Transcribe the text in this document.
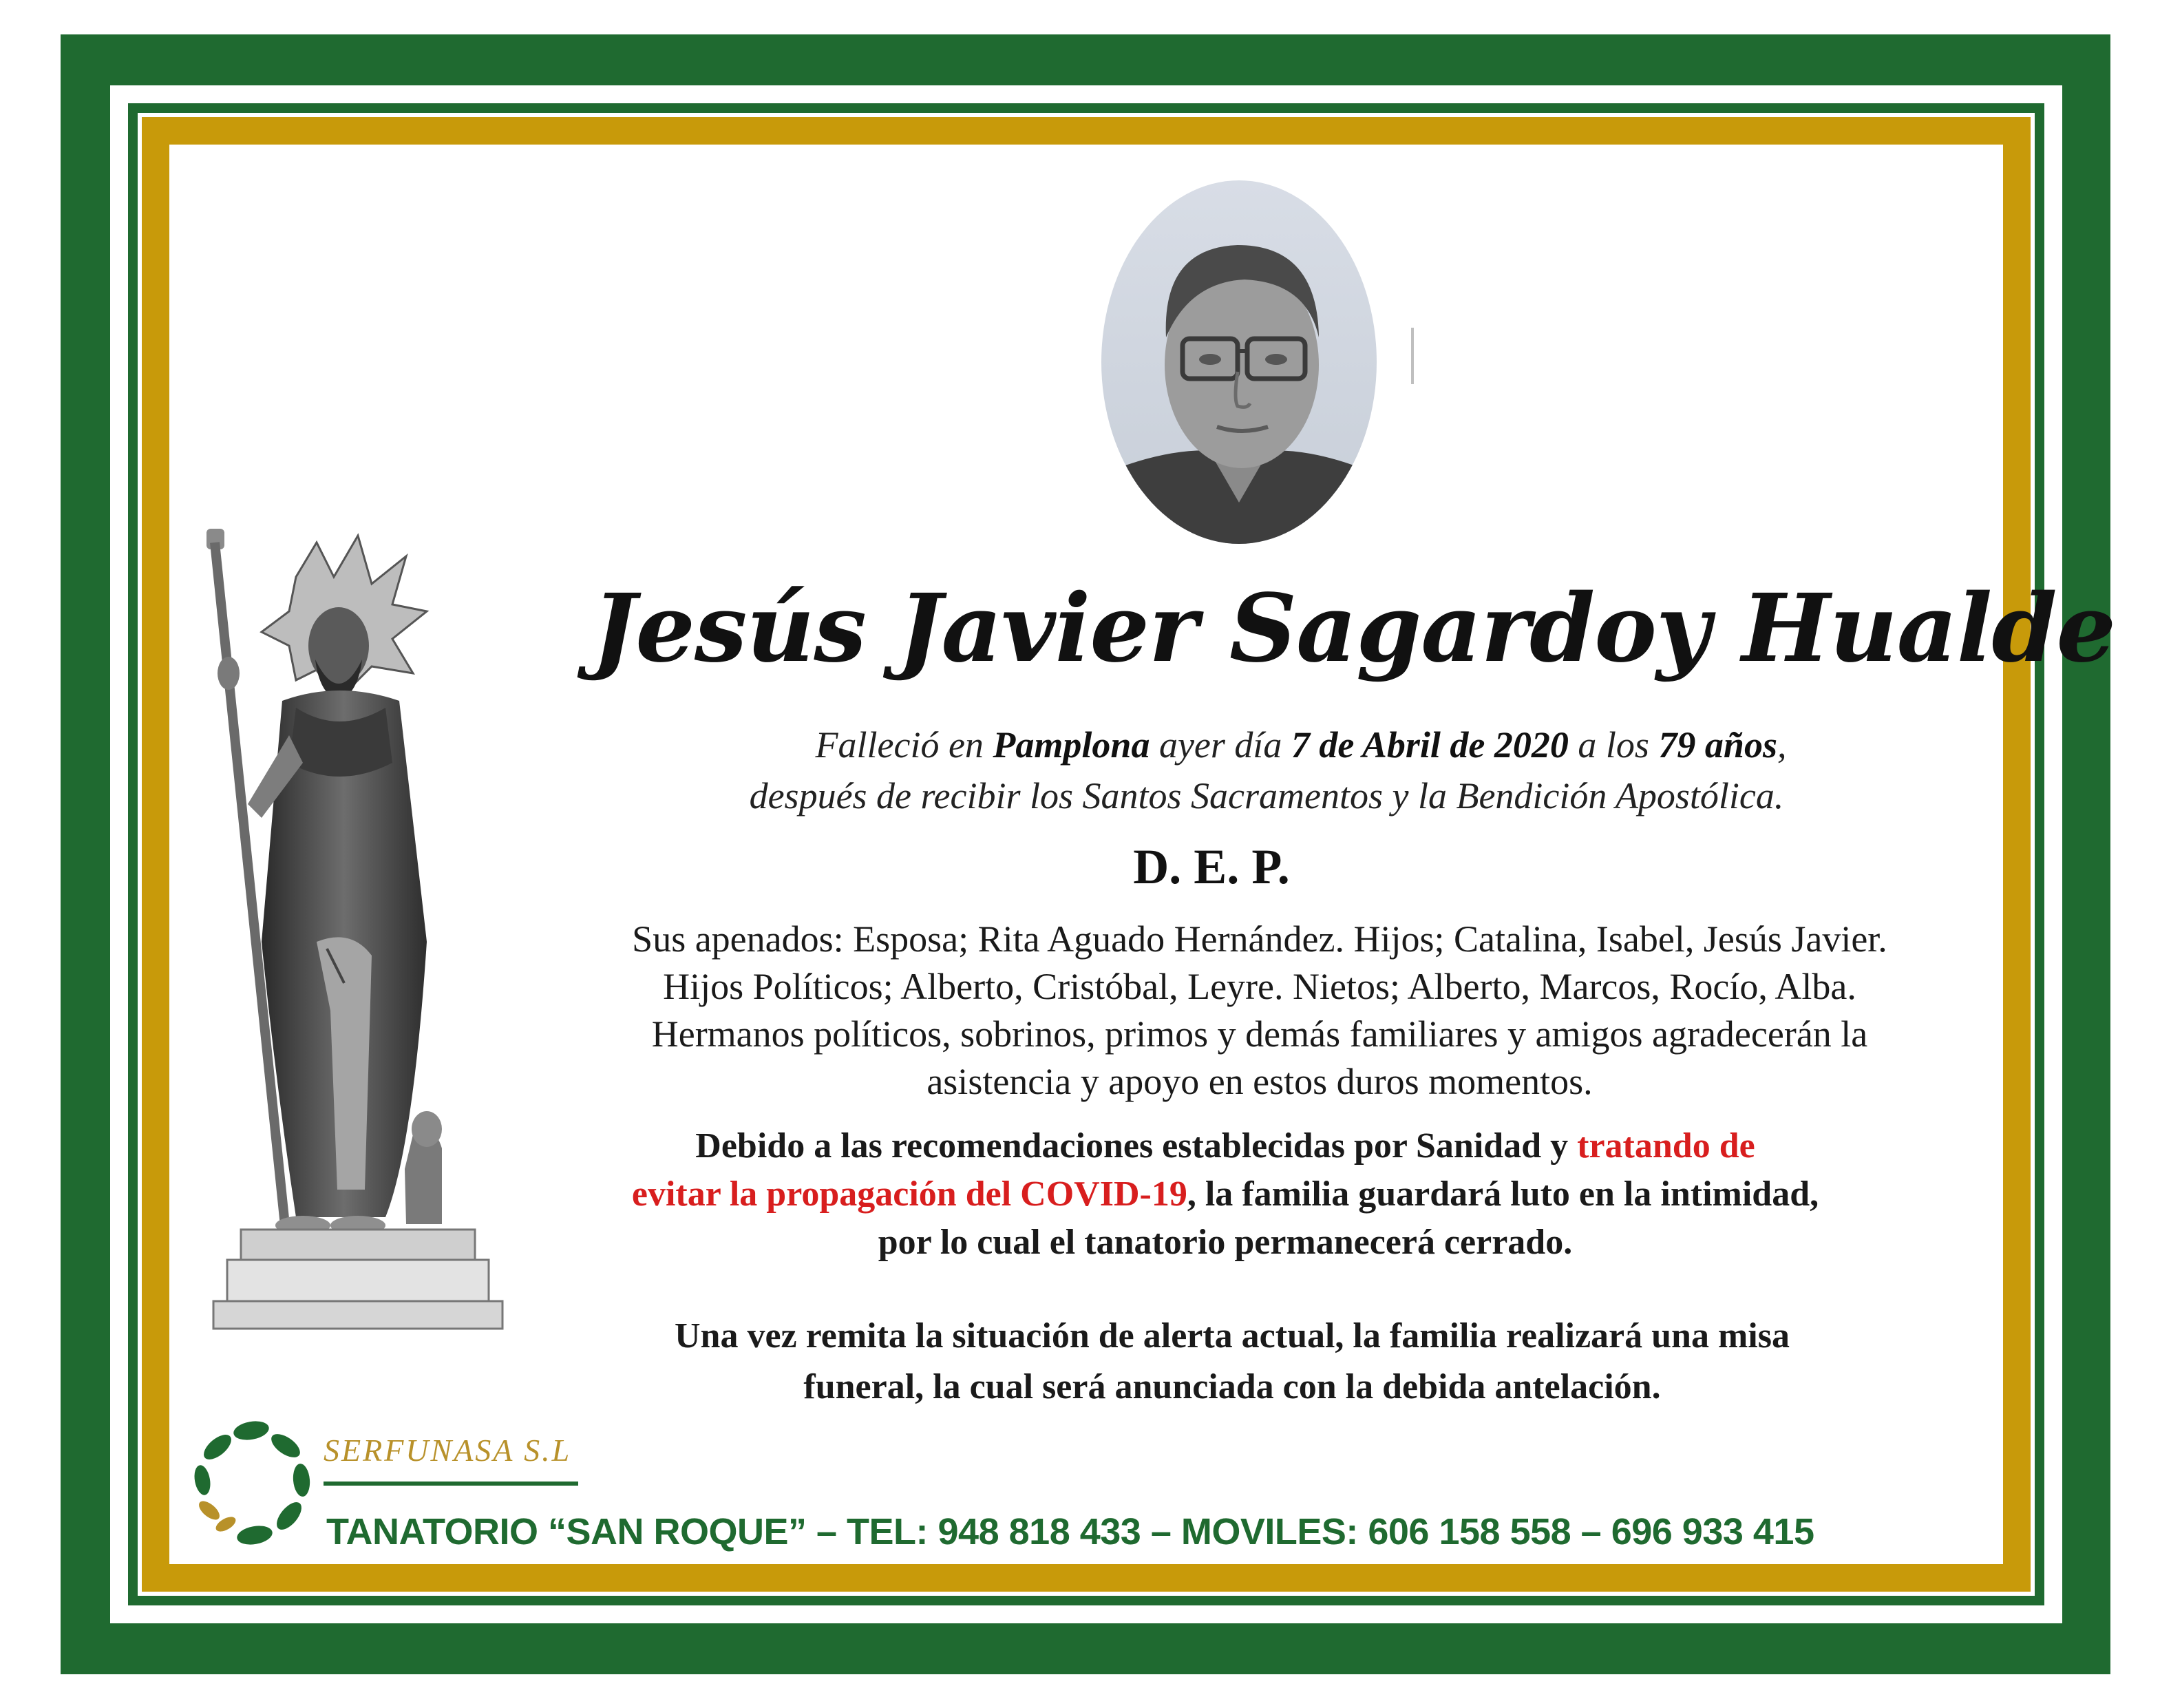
Jesús Javier Sagardoy Hualde
Falleció en Pamplona ayer día 7 de Abril de 2020 a los 79 años,
después de recibir los Santos Sacramentos y la Bendición Apostólica.
D. E. P.
Sus apenados: Esposa; Rita Aguado Hernández. Hijos; Catalina, Isabel, Jesús Javier. Hijos Políticos; Alberto, Cristóbal, Leyre. Nietos; Alberto, Marcos, Rocío, Alba. Hermanos políticos, sobrinos, primos y demás familiares y amigos agradecerán la asistencia y apoyo en estos duros momentos.
Debido a las recomendaciones establecidas por Sanidad y tratando de
evitar la propagación del COVID-19, la familia guardará luto en la intimidad,
por lo cual el tanatorio permanecerá cerrado.
Una vez remita la situación de alerta actual, la familia realizará una misa
funeral, la cual será anunciada con la debida antelación.
SERFUNASA S.L
TANATORIO “SAN ROQUE” – TEL: 948 818 433 – MOVILES: 606 158 558 – 696 933 415
